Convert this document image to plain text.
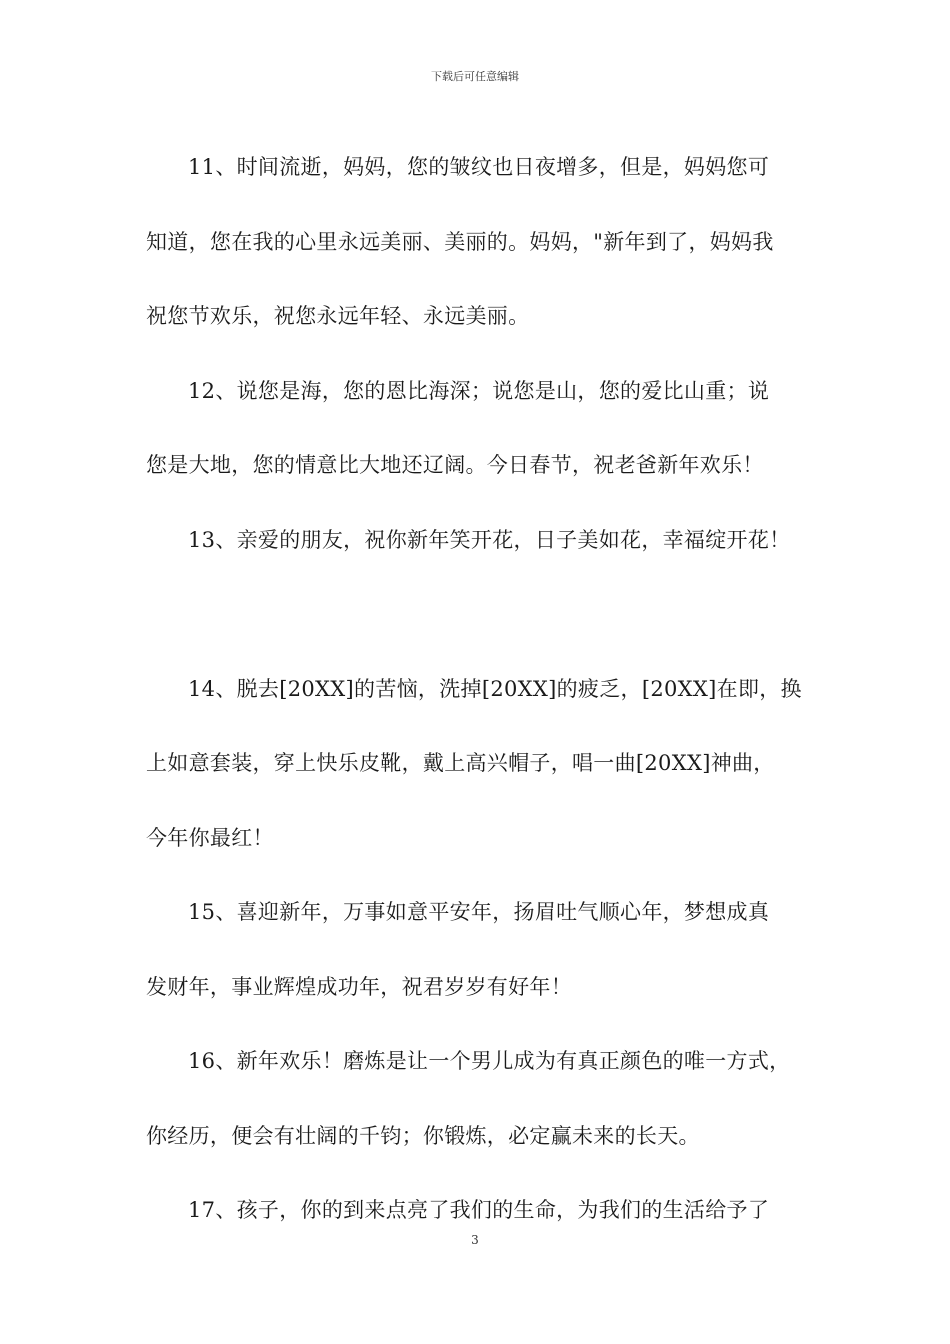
下载后可任意编辑

11、时间流逝，妈妈，您的皱纹也日夜增多，但是，妈妈您可
知道，您在我的心里永远美丽、美丽的。妈妈，"新年到了，妈妈我
祝您节欢乐，祝您永远年轻、永远美丽。

12、说您是海，您的恩比海深；说您是山，您的爱比山重；说
您是大地，您的情意比大地还辽阔。今日春节，祝老爸新年欢乐！

13、亲爱的朋友，祝你新年笑开花，日子美如花，幸福绽开花！

14、脱去[20XX]的苦恼，洗掉[20XX]的疲乏，[20XX]在即，换
上如意套装，穿上快乐皮靴，戴上高兴帽子，唱一曲[20XX]神曲，
今年你最红！

15、喜迎新年，万事如意平安年，扬眉吐气顺心年，梦想成真
发财年，事业辉煌成功年，祝君岁岁有好年！

16、新年欢乐！磨炼是让一个男儿成为有真正颜色的唯一方式，
你经历，便会有壮阔的千钧；你锻炼，必定赢未来的长天。

17、孩子，你的到来点亮了我们的生命，为我们的生活给予了

3
